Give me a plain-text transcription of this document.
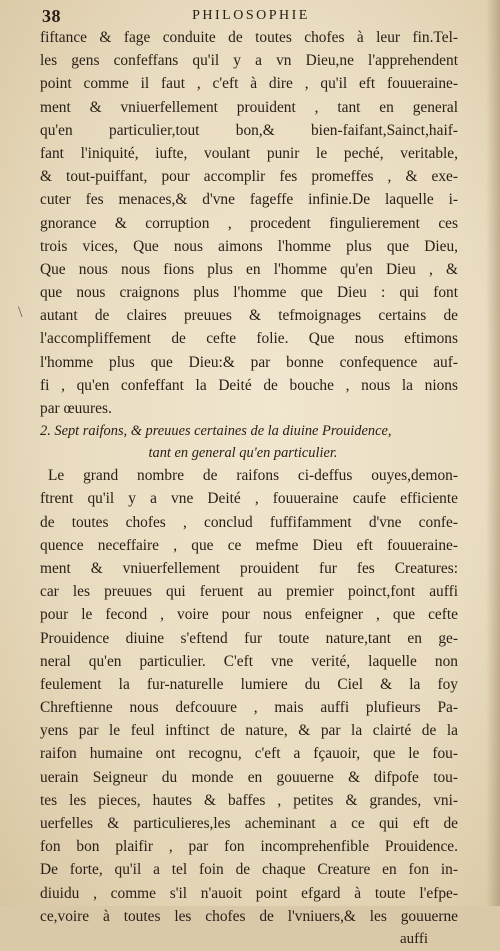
38	PHILOSOPHIE
\
fiftance & fage conduite de toutes chofes à leur fin.Tel-
les gens confeffans qu'il y a vn Dieu,ne l'apprehendent
point comme il faut , c'eft à dire , qu'il eft fouueraine-
ment & vniuerfellement prouident , tant en general
qu'en particulier,tout bon,& bien-faifant,Sainct,haif-
fant l'iniquité, iufte, voulant punir le peché, veritable,
& tout-puiffant, pour accomplir fes promeffes , & exe-
cuter fes menaces,& d'vne fageffe infinie.De laquelle i-
gnorance & corruption , procedent fingulierement ces
trois vices, Que nous aimons l'homme plus que Dieu,
Que nous nous fions plus en l'homme qu'en Dieu , &
que nous craignons plus l'homme que Dieu : qui font
autant de claires preuues & tefmoignages certains de
l'accompliffement de cefte folie. Que nous eftimons
l'homme plus que Dieu:& par bonne confequence auf-
fi , qu'en confeffant la Deité de bouche , nous la nions
par œuures.
2. Sept raifons, & preuues certaines de la diuine Prouidence,
tant en general qu'en particulier.
Le grand nombre de raifons ci-deffus ouyes,demon-
ftrent qu'il y a vne Deité , fouueraine caufe efficiente
de toutes chofes , conclud fuffifamment d'vne confe-
quence neceffaire , que ce mefme Dieu eft fouueraine-
ment & vniuerfellement prouident fur fes Creatures:
car les preuues qui feruent au premier poinct,font auffi
pour le fecond , voire pour nous enfeigner , que cefte
Prouidence diuine s'eftend fur toute nature,tant en ge-
neral qu'en particulier. C'eft vne verité, laquelle non
feulement la fur-naturelle lumiere du Ciel & la foy
Chreftienne nous defcouure , mais auffi plufieurs Pa-
yens par le feul inftinct de nature, & par la clairté de la
raifon humaine ont recognu, c'eft a fçauoir, que le fou-
uerain Seigneur du monde en gouuerne & difpofe tou-
tes les pieces, hautes & baffes , petites & grandes, vni-
uerfelles & particulieres,les acheminant a ce qui eft de
fon bon plaifir , par fon incomprehenfible Prouidence.
De forte, qu'il a tel foin de chaque Creature en fon in-
diuidu , comme s'il n'auoit point efgard à toute l'efpe-
ce,voire à toutes les chofes de l'vniuers,& les gouuerne
auffi
